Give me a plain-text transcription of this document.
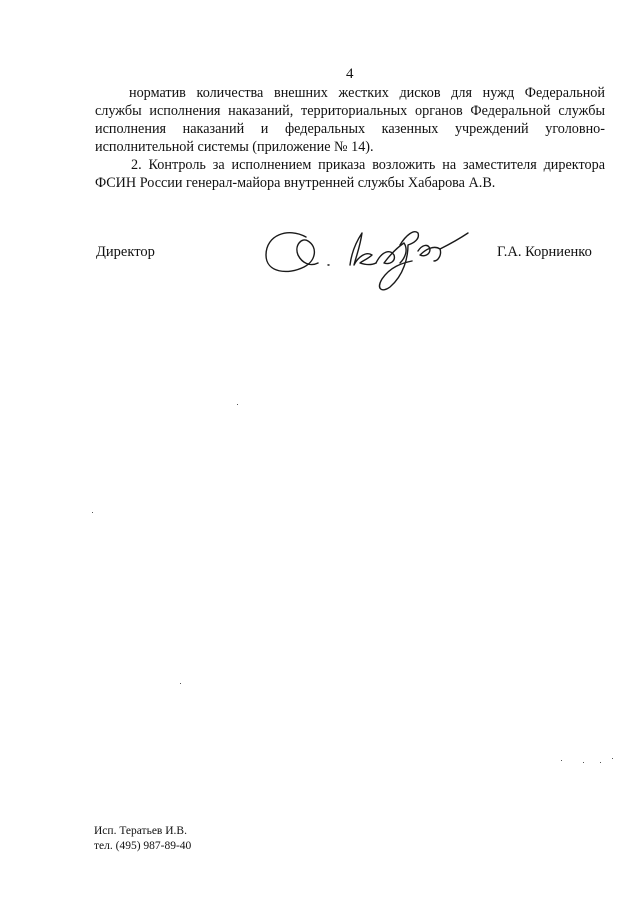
4
норматив количества внешних жестких дисков для нужд Федеральной службы исполнения наказаний, территориальных органов Федеральной службы исполнения наказаний и федеральных казенных учреждений уголовно-исполнительной системы (приложение № 14).
2. Контроль за исполнением приказа возложить на заместителя директора ФСИН России генерал-майора внутренней службы Хабарова А.В.
Директор	Г.А. Корниенко
Исп. Тератьев И.В.
тел. (495) 987-89-40
